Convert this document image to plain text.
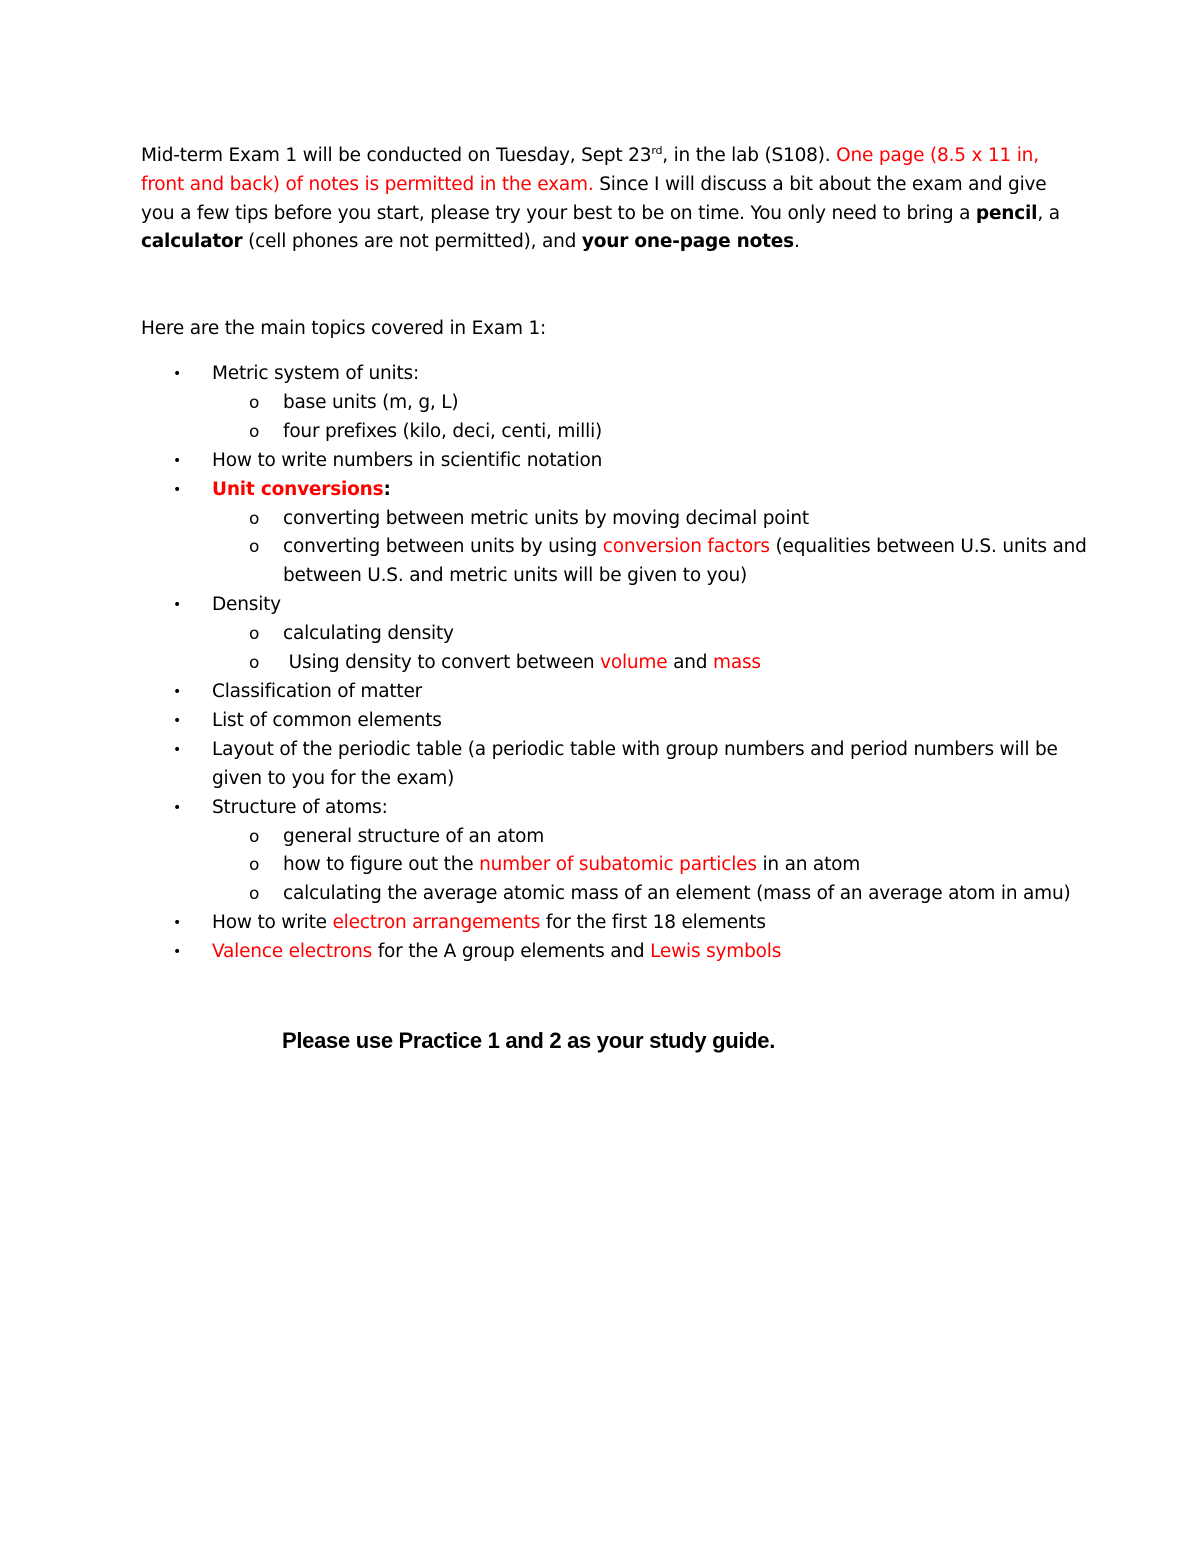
Mid-term Exam 1 will be conducted on Tuesday, Sept 23rd, in the lab (S108). One page (8.5 x 11 in, front and back) of notes is permitted in the exam. Since I will discuss a bit about the exam and give you a few tips before you start, please try your best to be on time. You only need to bring a pencil, a calculator (cell phones are not permitted), and your one-page notes.

Here are the main topics covered in Exam 1:
• Metric system of units:
o base units (m, g, L)
o four prefixes (kilo, deci, centi, milli)
• How to write numbers in scientific notation
• Unit conversions:
o converting between metric units by moving decimal point
o converting between units by using conversion factors (equalities between U.S. units and between U.S. and metric units will be given to you)
• Density
o calculating density
o Using density to convert between volume and mass
• Classification of matter
• List of common elements
• Layout of the periodic table (a periodic table with group numbers and period numbers will be given to you for the exam)
• Structure of atoms:
o general structure of an atom
o how to figure out the number of subatomic particles in an atom
o calculating the average atomic mass of an element (mass of an average atom in amu)
• How to write electron arrangements for the first 18 elements
• Valence electrons for the A group elements and Lewis symbols
Please use Practice 1 and 2 as your study guide.
